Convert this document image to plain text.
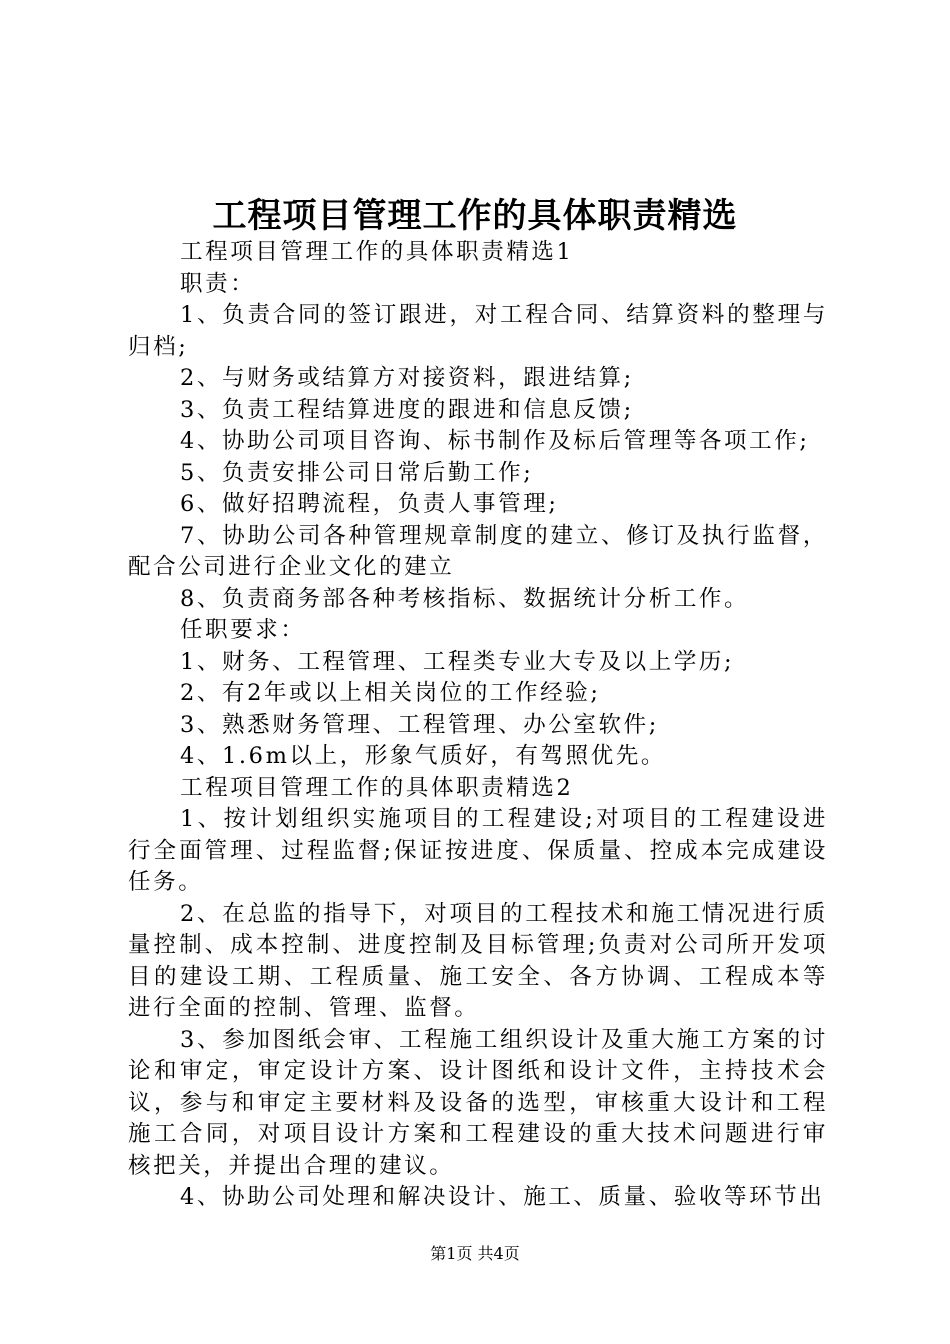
工程项目管理工作的具体职责精选

工程项目管理工作的具体职责精选1

职责：

1、负责合同的签订跟进，对工程合同、结算资料的整理与归档;

2、与财务或结算方对接资料，跟进结算;

3、负责工程结算进度的跟进和信息反馈;

4、协助公司项目咨询、标书制作及标后管理等各项工作;

5、负责安排公司日常后勤工作;

6、做好招聘流程，负责人事管理;

7、协助公司各种管理规章制度的建立、修订及执行监督，配合公司进行企业文化的建立

8、负责商务部各种考核指标、数据统计分析工作。

任职要求：

1、财务、工程管理、工程类专业大专及以上学历;

2、有2年或以上相关岗位的工作经验;

3、熟悉财务管理、工程管理、办公室软件;

4、1.6m以上，形象气质好，有驾照优先。

工程项目管理工作的具体职责精选2

1、按计划组织实施项目的工程建设;对项目的工程建设进行全面管理、过程监督;保证按进度、保质量、控成本完成建设任务。

2、在总监的指导下，对项目的工程技术和施工情况进行质量控制、成本控制、进度控制及目标管理;负责对公司所开发项目的建设工期、工程质量、施工安全、各方协调、工程成本等进行全面的控制、管理、监督。

3、参加图纸会审、工程施工组织设计及重大施工方案的讨论和审定，审定设计方案、设计图纸和设计文件，主持技术会议，参与和审定主要材料及设备的选型，审核重大设计和工程施工合同，对项目设计方案和工程建设的重大技术问题进行审核把关，并提出合理的建议。

4、协助公司处理和解决设计、施工、质量、验收等环节出

第1页 共4页
